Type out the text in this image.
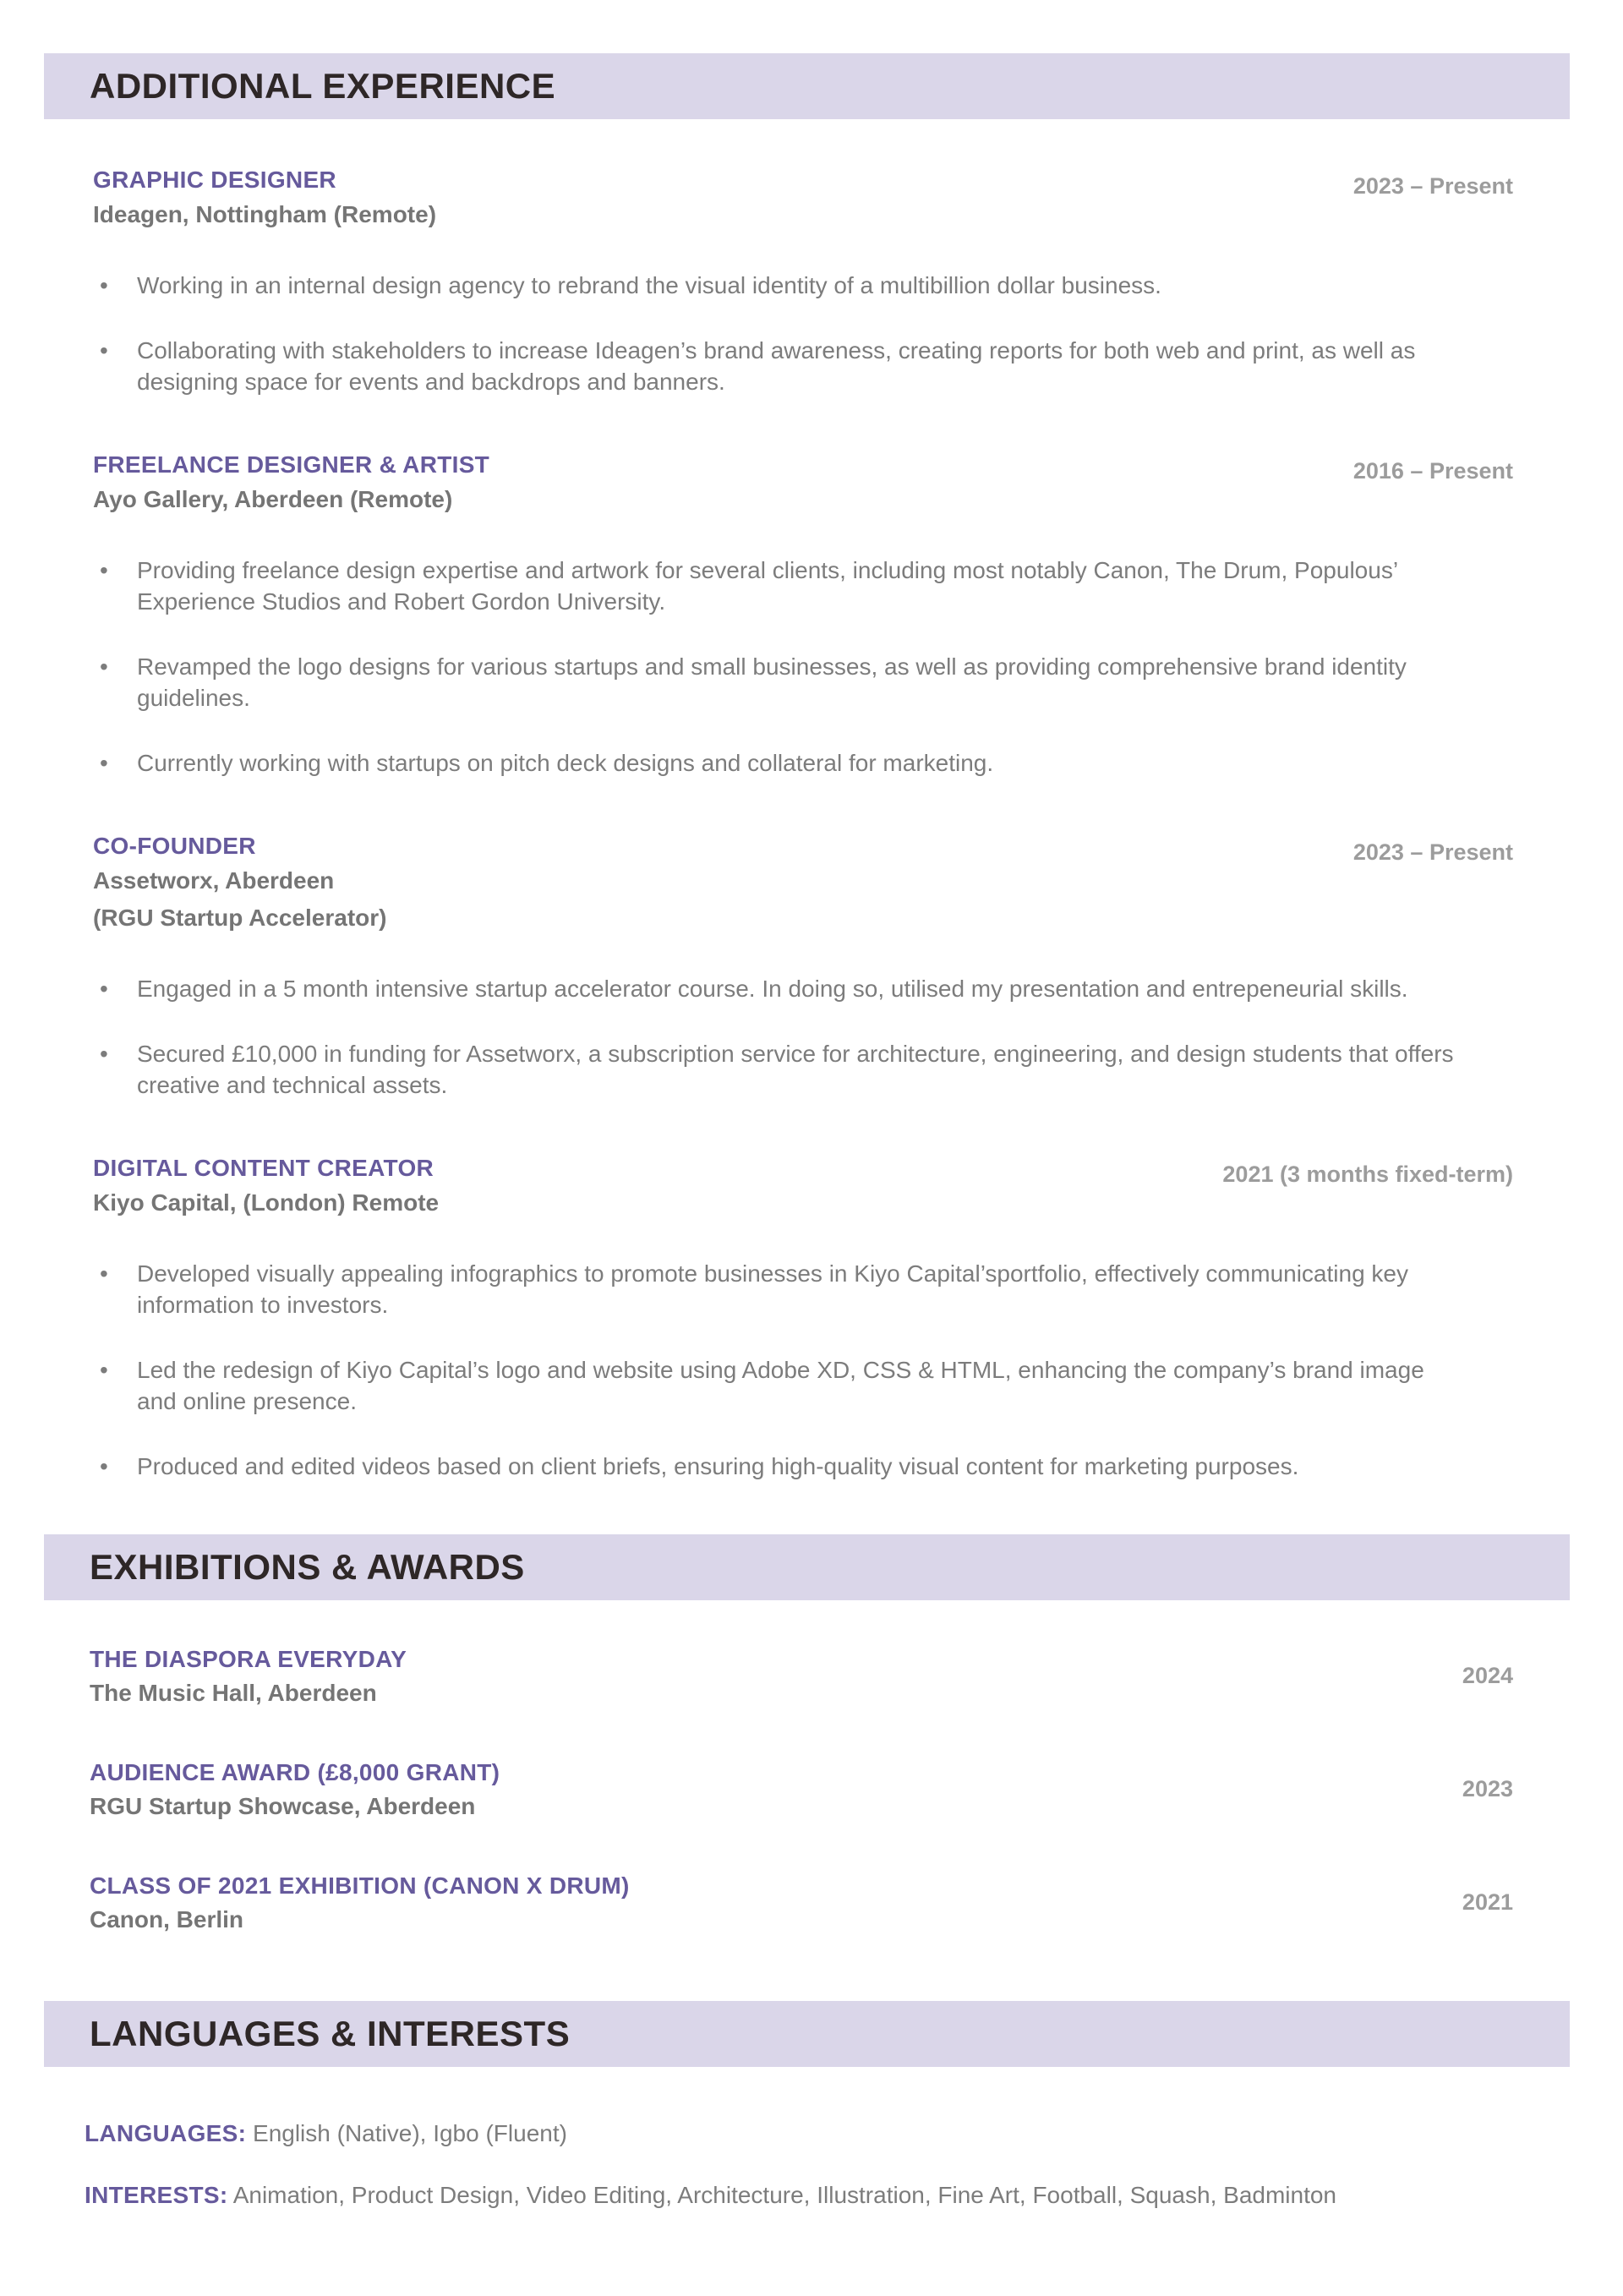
ADDITIONAL EXPERIENCE
GRAPHIC DESIGNER

Ideagen, Nottingham (Remote)

2023 – Present
• Working in an internal design agency to rebrand the visual identity of a multibillion dollar business.
• Collaborating with stakeholders to increase Ideagen’s brand awareness, creating reports for both web and print, as well as designing space for events and backdrops and banners.
FREELANCE DESIGNER & ARTIST

Ayo Gallery, Aberdeen (Remote)

2016 – Present
• Providing freelance design expertise and artwork for several clients, including most notably Canon, The Drum, Populous’ Experience Studios and Robert Gordon University.
• Revamped the logo designs for various startups and small businesses, as well as providing comprehensive brand identity guidelines.
• Currently working with startups on pitch deck designs and collateral for marketing.
CO-FOUNDER

Assetworx, Aberdeen

(RGU Startup Accelerator)

2023 – Present
• Engaged in a 5 month intensive startup accelerator course. In doing so, utilised my presentation and entrepeneurial skills.
• Secured £10,000 in funding for Assetworx, a subscription service for architecture, engineering, and design students that offers creative and technical assets.
DIGITAL CONTENT CREATOR

Kiyo Capital, (London) Remote

2021 (3 months fixed-term)
• Developed visually appealing infographics to promote businesses in Kiyo Capital’sportfolio, effectively communicating key information to investors.
• Led the redesign of Kiyo Capital’s logo and website using Adobe XD, CSS & HTML, enhancing the company’s brand image and online presence.
• Produced and edited videos based on client briefs, ensuring high-quality visual content for marketing purposes.
EXHIBITIONS & AWARDS
THE DIASPORA EVERYDAY

The Music Hall, Aberdeen

2024
AUDIENCE AWARD (£8,000 GRANT)

RGU Startup Showcase, Aberdeen

2023
CLASS OF 2021 EXHIBITION (CANON X DRUM)

Canon, Berlin

2021
LANGUAGES & INTERESTS

LANGUAGES: English (Native), Igbo (Fluent)

INTERESTS: Animation, Product Design, Video Editing, Architecture, Illustration, Fine Art, Football, Squash, Badminton
